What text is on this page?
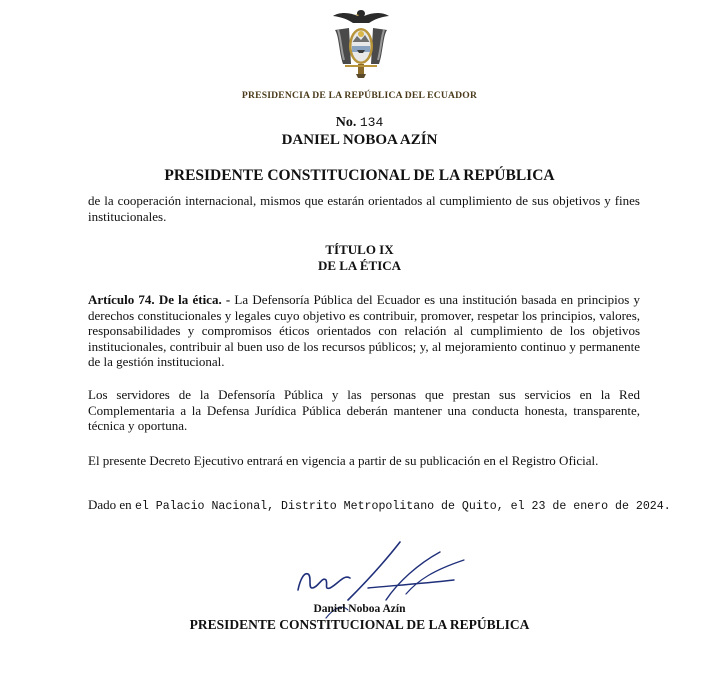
PRESIDENCIA DE LA REPÚBLICA DEL ECUADOR
No. 134
DANIEL NOBOA AZÍN
PRESIDENTE CONSTITUCIONAL DE LA REPÚBLICA
de la cooperación internacional, mismos que estarán orientados al cumplimiento de sus objetivos y fines institucionales.
TÍTULO IX
DE LA ÉTICA
Artículo 74. De la ética. - La Defensoría Pública del Ecuador es una institución basada en principios y derechos constitucionales y legales cuyo objetivo es contribuir, promover, respetar los principios, valores, responsabilidades y compromisos éticos orientados con relación al cumplimiento de los objetivos institucionales, contribuir al buen uso de los recursos públicos; y, al mejoramiento continuo y permanente de la gestión institucional.
Los servidores de la Defensoría Pública y las personas que prestan sus servicios en la Red Complementaria a la Defensa Jurídica Pública deberán mantener una conducta honesta, transparente, técnica y oportuna.
El presente Decreto Ejecutivo entrará en vigencia a partir de su publicación en el Registro Oficial.
Dado en el Palacio Nacional, Distrito Metropolitano de Quito, el 23 de enero de 2024.
Daniel Noboa Azín
PRESIDENTE CONSTITUCIONAL DE LA REPÚBLICA
